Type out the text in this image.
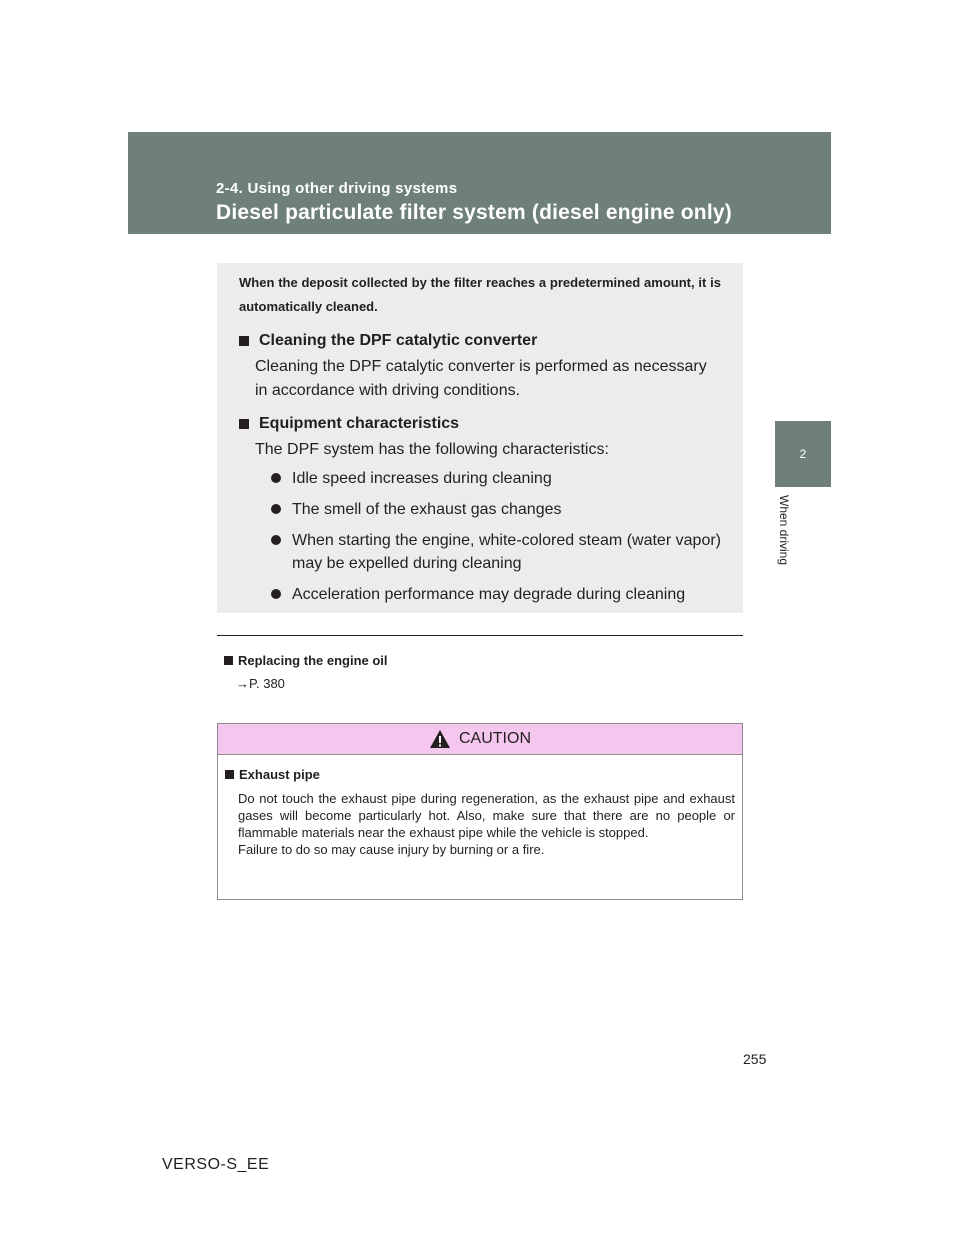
2-4. Using other driving systems
Diesel particulate filter system (diesel engine only)
2
When driving

When the deposit collected by the filter reaches a predetermined amount, it is automatically cleaned.

Cleaning the DPF catalytic converter

Cleaning the DPF catalytic converter is performed as necessary in accordance with driving conditions.

Equipment characteristics

The DPF system has the following characteristics:

Idle speed increases during cleaning
The smell of the exhaust gas changes
When starting the engine, white-colored steam (water vapor) may be expelled during cleaning
Acceleration performance may degrade during cleaning
Replacing the engine oil
→P. 380
CAUTION
Exhaust pipe

Do not touch the exhaust pipe during regeneration, as the exhaust pipe and exhaust gases will become particularly hot. Also, make sure that there are no people or flammable materials near the exhaust pipe while the vehicle is stopped.

Failure to do so may cause injury by burning or a fire.

255
VERSO-S_EE
